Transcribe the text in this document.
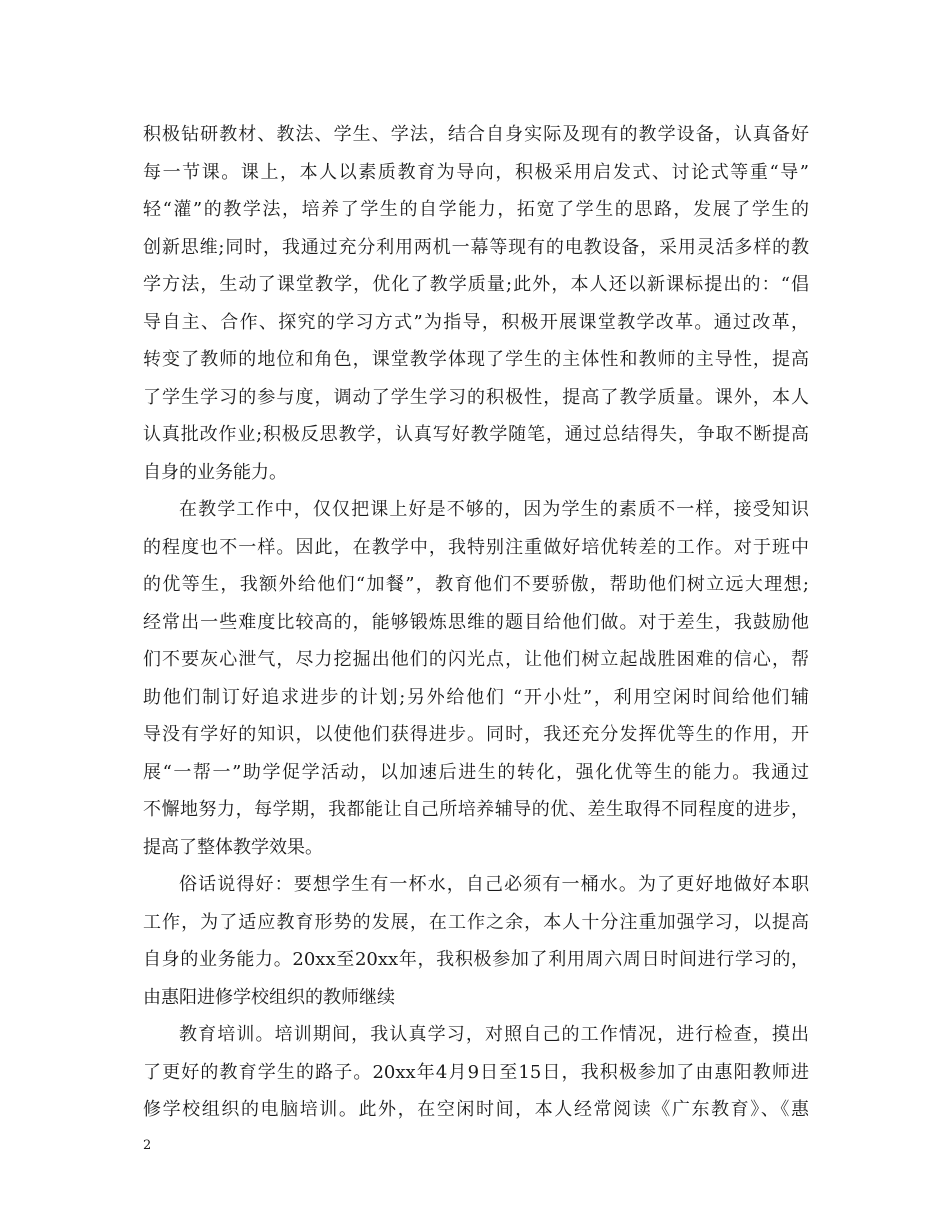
积极钻研教材、教法、学生、学法，结合自身实际及现有的教学设备，认真备好
每一节课。课上，本人以素质教育为导向，积极采用启发式、讨论式等重“导”
轻“灌”的教学法，培养了学生的自学能力，拓宽了学生的思路，发展了学生的
创新思维;同时，我通过充分利用两机一幕等现有的电教设备，采用灵活多样的教
学方法，生动了课堂教学，优化了教学质量;此外，本人还以新课标提出的：“倡
导自主、合作、探究的学习方式”为指导，积极开展课堂教学改革。通过改革，
转变了教师的地位和角色，课堂教学体现了学生的主体性和教师的主导性，提高
了学生学习的参与度，调动了学生学习的积极性，提高了教学质量。课外，本人
认真批改作业;积极反思教学，认真写好教学随笔，通过总结得失，争取不断提高
自身的业务能力。
在教学工作中，仅仅把课上好是不够的，因为学生的素质不一样，接受知识
的程度也不一样。因此，在教学中，我特别注重做好培优转差的工作。对于班中
的优等生，我额外给他们“加餐”，教育他们不要骄傲，帮助他们树立远大理想;
经常出一些难度比较高的，能够锻炼思维的题目给他们做。对于差生，我鼓励他
们不要灰心泄气，尽力挖掘出他们的闪光点，让他们树立起战胜困难的信心，帮
助他们制订好追求进步的计划;另外给他们 “开小灶”，利用空闲时间给他们辅
导没有学好的知识，以使他们获得进步。同时，我还充分发挥优等生的作用，开
展“一帮一”助学促学活动，以加速后进生的转化，强化优等生的能力。我通过
不懈地努力，每学期，我都能让自己所培养辅导的优、差生取得不同程度的进步，
提高了整体教学效果。
俗话说得好：要想学生有一杯水，自己必须有一桶水。为了更好地做好本职
工作，为了适应教育形势的发展，在工作之余，本人十分注重加强学习，以提高
自身的业务能力。20xx至20xx年，我积极参加了利用周六周日时间进行学习的，
由惠阳进修学校组织的教师继续
教育培训。培训期间，我认真学习，对照自己的工作情况，进行检查，摸出
了更好的教育学生的路子。20xx年4月9日至15日，我积极参加了由惠阳教师进
修学校组织的电脑培训。此外，在空闲时间，本人经常阅读《广东教育》、《惠
2
